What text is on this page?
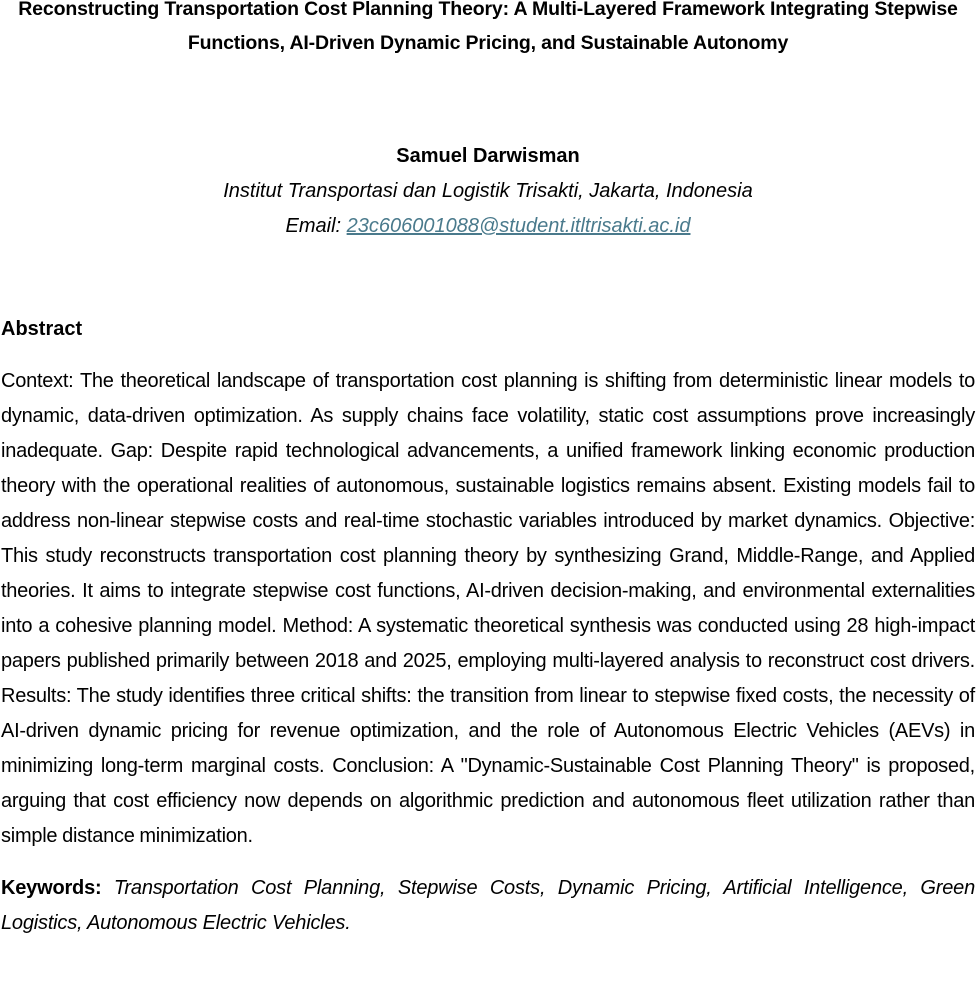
Reconstructing Transportation Cost Planning Theory: A Multi-Layered Framework Integrating Stepwise Functions, AI-Driven Dynamic Pricing, and Sustainable Autonomy
Samuel Darwisman
Institut Transportasi dan Logistik Trisakti, Jakarta, Indonesia
Email: 23c606001088@student.itltrisakti.ac.id
Abstract

Context: The theoretical landscape of transportation cost planning is shifting from deterministic linear models to dynamic, data-driven optimization. As supply chains face volatility, static cost assumptions prove increasingly inadequate. Gap: Despite rapid technological advancements, a unified framework linking economic production theory with the operational realities of autonomous, sustainable logistics remains absent. Existing models fail to address non-linear stepwise costs and real-time stochastic variables introduced by market dynamics. Objective: This study reconstructs transportation cost planning theory by synthesizing Grand, Middle-Range, and Applied theories. It aims to integrate stepwise cost functions, AI-driven decision-making, and environmental externalities into a cohesive planning model. Method: A systematic theoretical synthesis was conducted using 28 high-impact papers published primarily between 2018 and 2025, employing multi-layered analysis to reconstruct cost drivers. Results: The study identifies three critical shifts: the transition from linear to stepwise fixed costs, the necessity of AI-driven dynamic pricing for revenue optimization, and the role of Autonomous Electric Vehicles (AEVs) in minimizing long-term marginal costs. Conclusion: A "Dynamic-Sustainable Cost Planning Theory" is proposed, arguing that cost efficiency now depends on algorithmic prediction and autonomous fleet utilization rather than simple distance minimization.

Keywords: Transportation Cost Planning, Stepwise Costs, Dynamic Pricing, Artificial Intelligence, Green Logistics, Autonomous Electric Vehicles.
